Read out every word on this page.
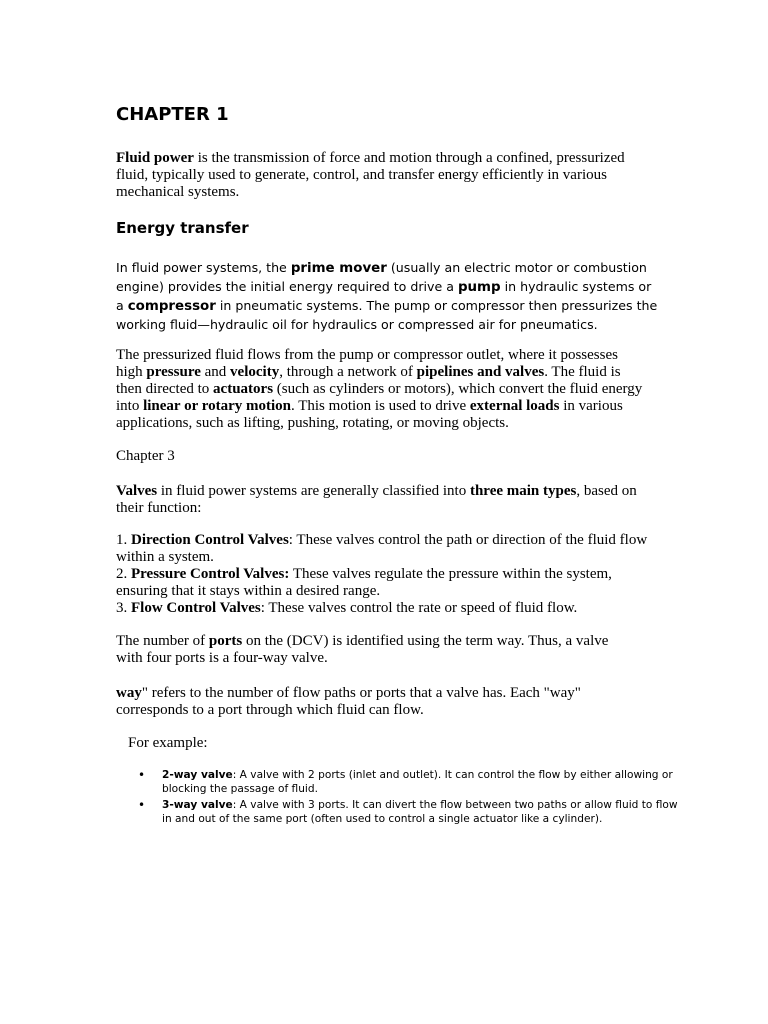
CHAPTER 1

Fluid power is the transmission of force and motion through a confined, pressurized fluid, typically used to generate, control, and transfer energy efficiently in various mechanical systems.

Energy transfer

In fluid power systems, the prime mover (usually an electric motor or combustion engine) provides the initial energy required to drive a pump in hydraulic systems or a compressor in pneumatic systems. The pump or compressor then pressurizes the working fluid—hydraulic oil for hydraulics or compressed air for pneumatics.

The pressurized fluid flows from the pump or compressor outlet, where it possesses high pressure and velocity, through a network of pipelines and valves. The fluid is then directed to actuators (such as cylinders or motors), which convert the fluid energy into linear or rotary motion. This motion is used to drive external loads in various applications, such as lifting, pushing, rotating, or moving objects.

Chapter 3

Valves in fluid power systems are generally classified into three main types, based on their function:

1. Direction Control Valves: These valves control the path or direction of the fluid flow within a system.
2. Pressure Control Valves: These valves regulate the pressure within the system, ensuring that it stays within a desired range.
3. Flow Control Valves: These valves control the rate or speed of fluid flow.

The number of ports on the (DCV) is identified using the term way. Thus, a valve with four ports is a four-way valve.

way" refers to the number of flow paths or ports that a valve has. Each "way" corresponds to a port through which fluid can flow.

For example:

• 2-way valve: A valve with 2 ports (inlet and outlet). It can control the flow by either allowing or blocking the passage of fluid.
• 3-way valve: A valve with 3 ports. It can divert the flow between two paths or allow fluid to flow in and out of the same port (often used to control a single actuator like a cylinder).
